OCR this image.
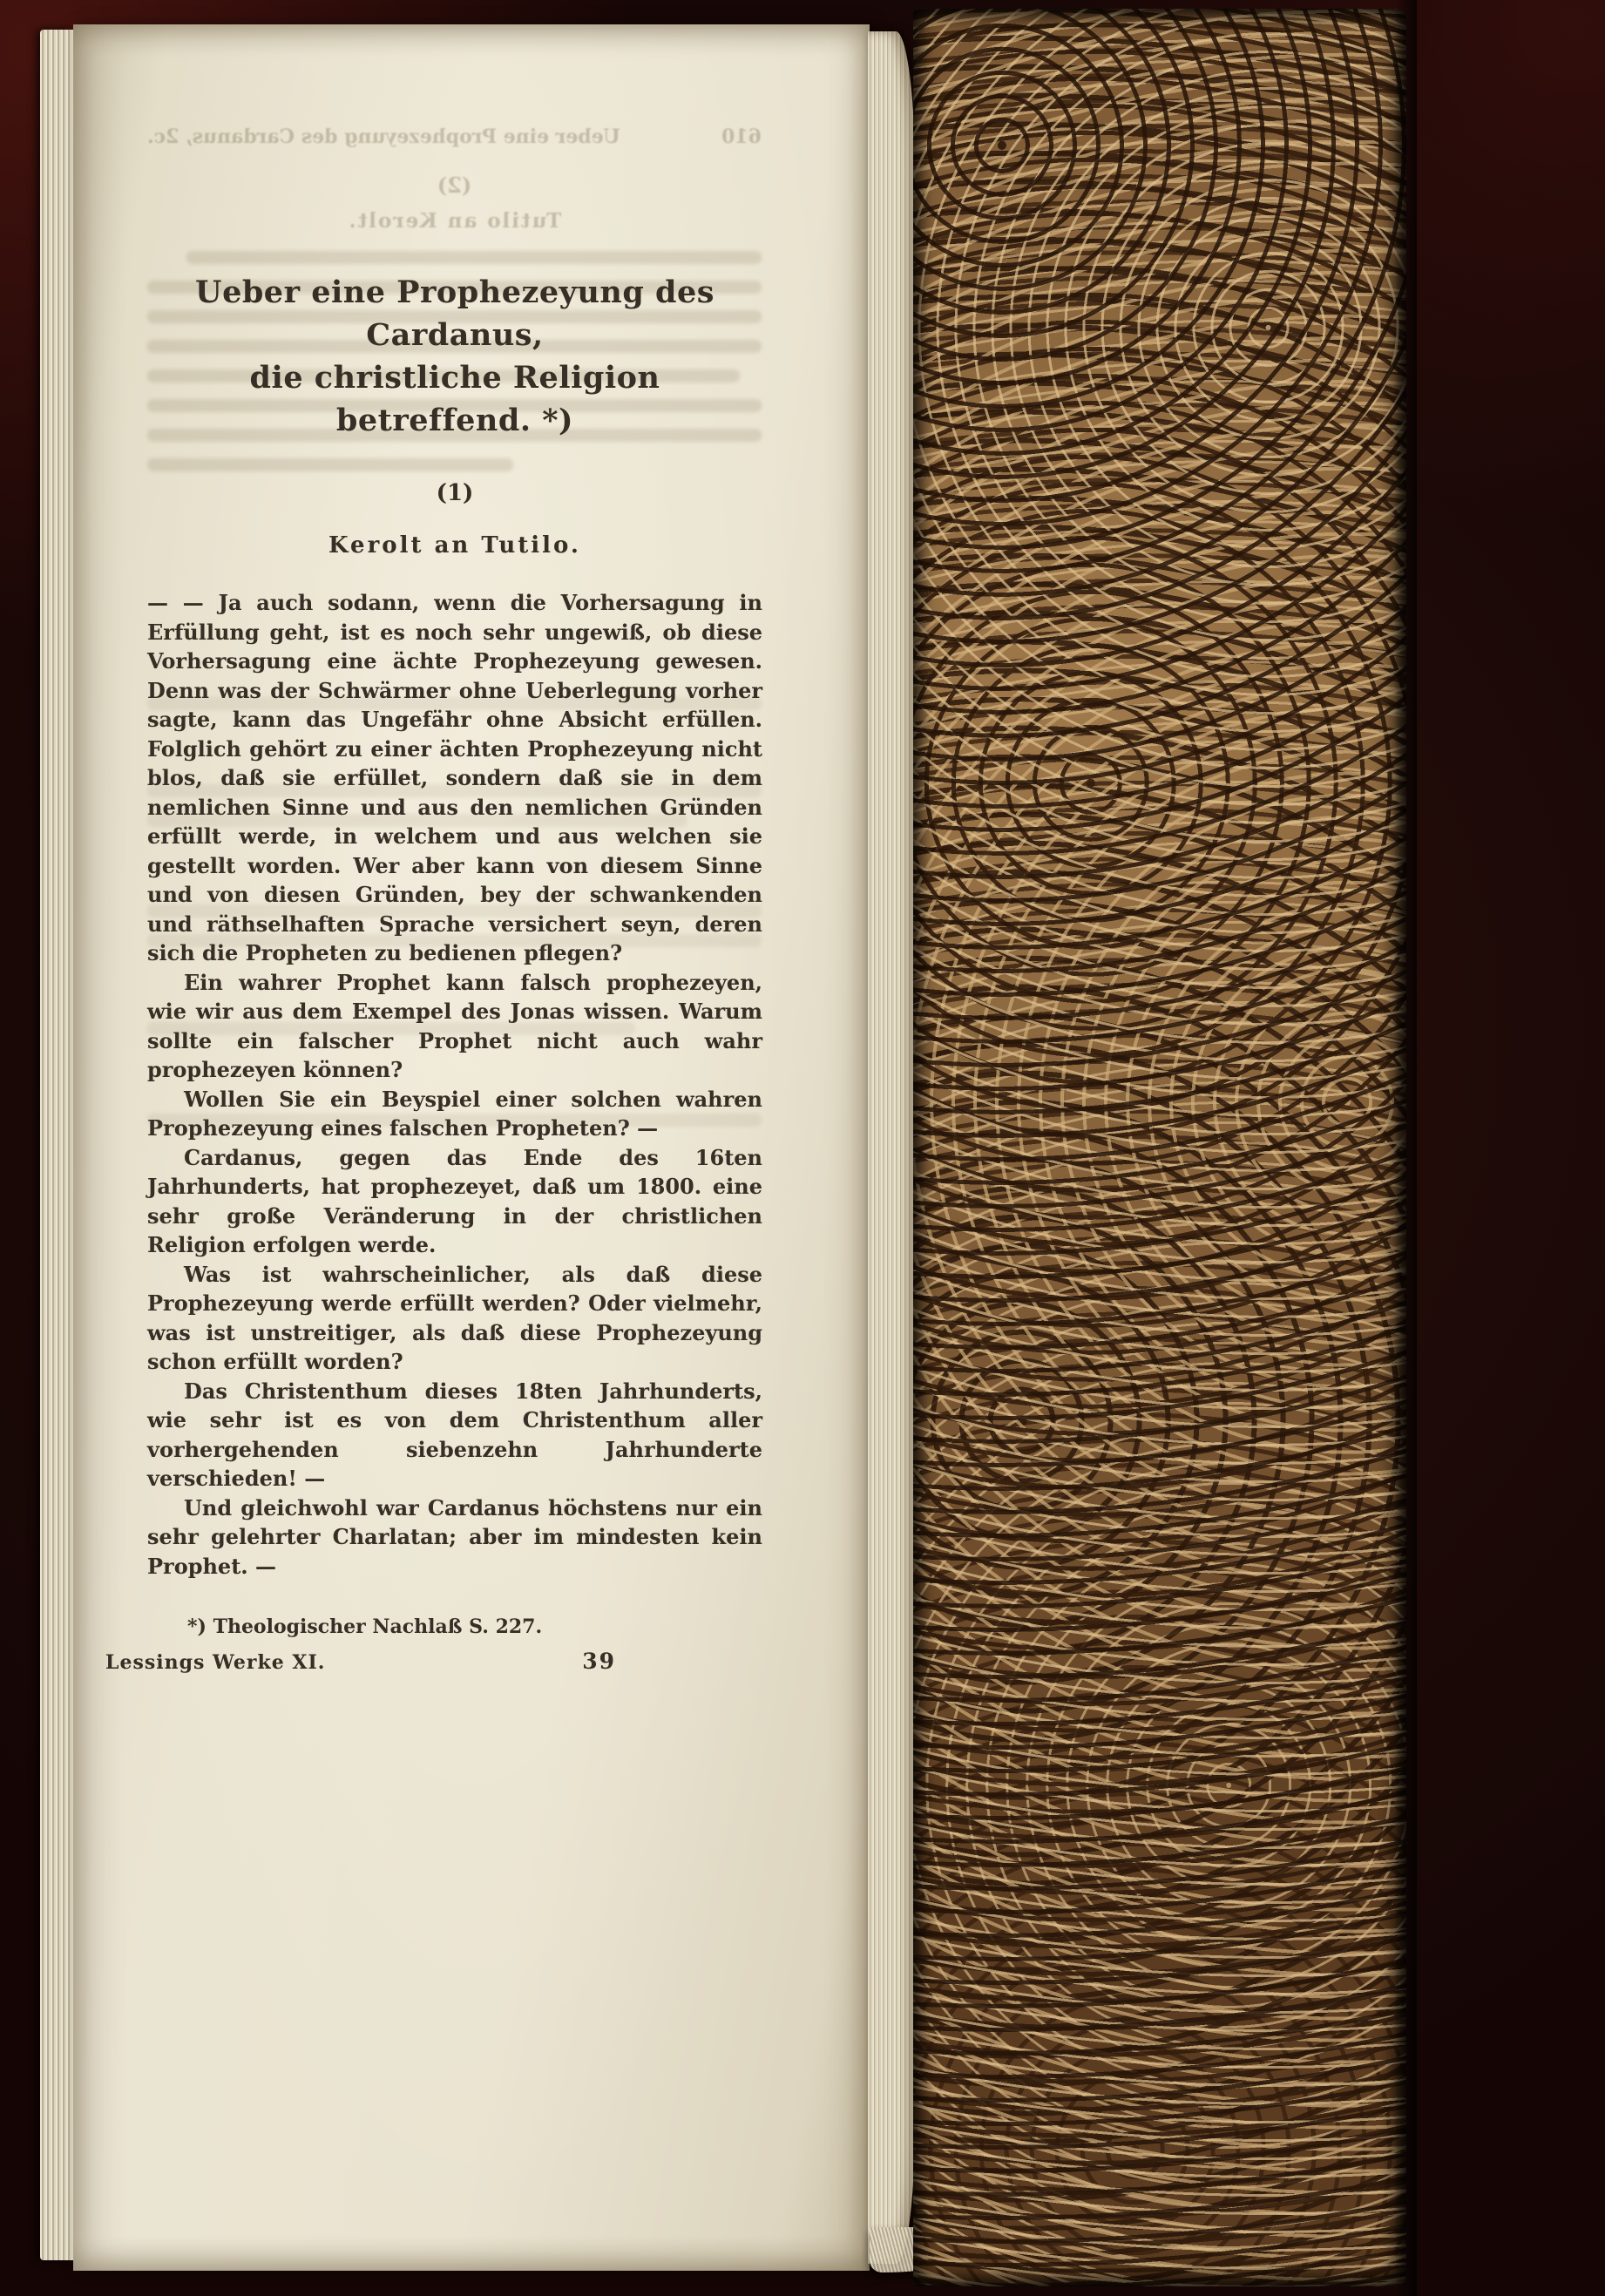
610
Ueber eine Prophezeyung des Cardanus, 2c.
(2)
Tutilo an Kerolt.
Ueber eine Prophezeyung des Cardanus,
die christliche Religion betreffend. *)
(1)
Kerolt an Tutilo.

— — Ja auch sodann, wenn die Vorhersagung in Erfüllung geht, ist es noch sehr ungewiß, ob diese Vorhersagung eine ächte Prophezeyung gewesen. Denn was der Schwärmer ohne Ueberlegung vorher sagte, kann das Ungefähr ohne Absicht erfüllen. Folglich gehört zu einer ächten Prophezeyung nicht blos, daß sie erfüllet, sondern daß sie in dem nemlichen Sinne und aus den nemlichen Gründen erfüllt werde, in welchem und aus welchen sie gestellt worden. Wer aber kann von diesem Sinne und von diesen Gründen, bey der schwankenden und räthselhaften Sprache versichert seyn, deren sich die Propheten zu bedienen pflegen?

Ein wahrer Prophet kann falsch prophezeyen, wie wir aus dem Exempel des Jonas wissen. Warum sollte ein falscher Prophet nicht auch wahr prophezeyen können?

Wollen Sie ein Beyspiel einer solchen wahren Prophezeyung eines falschen Propheten? —

Cardanus, gegen das Ende des 16ten Jahrhunderts, hat prophezeyet, daß um 1800. eine sehr große Veränderung in der christlichen Religion erfolgen werde.

Was ist wahrscheinlicher, als daß diese Prophezeyung werde erfüllt werden? Oder vielmehr, was ist unstreitiger, als daß diese Prophezeyung schon erfüllt worden?

Das Christenthum dieses 18ten Jahrhunderts, wie sehr ist es von dem Christenthum aller vorhergehenden siebenzehn Jahrhunderte verschieden! —

Und gleichwohl war Cardanus höchstens nur ein sehr gelehrter Charlatan; aber im mindesten kein Prophet. —

*) Theologischer Nachlaß S. 227.
Lessings Werke XI.	39
